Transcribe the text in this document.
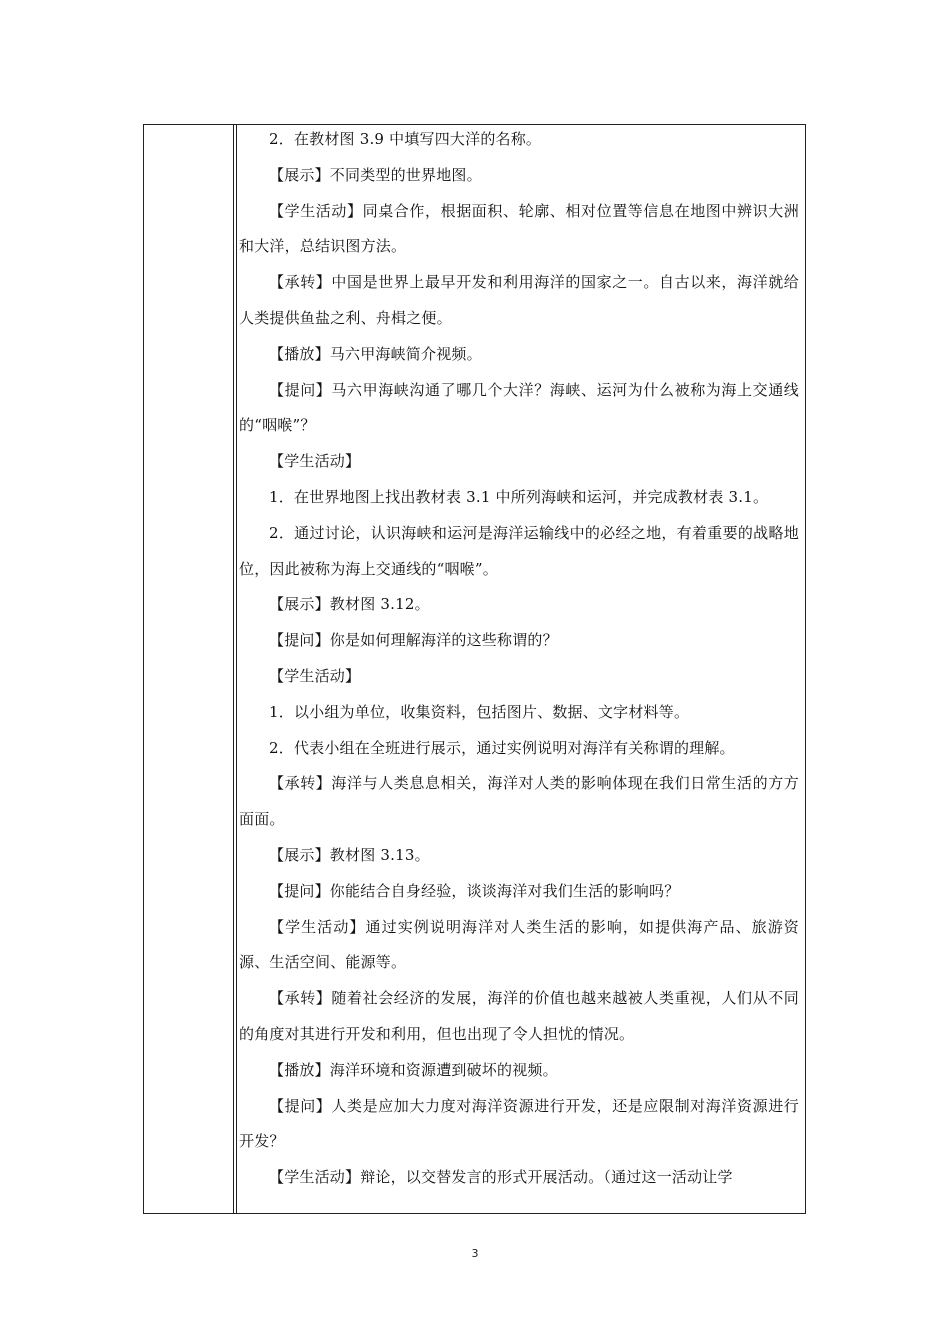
2．在教材图 3.9 中填写四大洋的名称。

【展示】不同类型的世界地图。

【学生活动】同桌合作，根据面积、轮廓、相对位置等信息在地图中辨识大洲和大洋，总结识图方法。

【承转】中国是世界上最早开发和利用海洋的国家之一。自古以来，海洋就给人类提供鱼盐之利、舟楫之便。

【播放】马六甲海峡简介视频。

【提问】马六甲海峡沟通了哪几个大洋？海峡、运河为什么被称为海上交通线的“咽喉”？

【学生活动】

1．在世界地图上找出教材表 3.1 中所列海峡和运河，并完成教材表 3.1。

2．通过讨论，认识海峡和运河是海洋运输线中的必经之地，有着重要的战略地位，因此被称为海上交通线的“咽喉”。

【展示】教材图 3.12。

【提问】你是如何理解海洋的这些称谓的？

【学生活动】

1．以小组为单位，收集资料，包括图片、数据、文字材料等。

2．代表小组在全班进行展示，通过实例说明对海洋有关称谓的理解。

【承转】海洋与人类息息相关，海洋对人类的影响体现在我们日常生活的方方面面。

【展示】教材图 3.13。

【提问】你能结合自身经验，谈谈海洋对我们生活的影响吗？

【学生活动】通过实例说明海洋对人类生活的影响，如提供海产品、旅游资源、生活空间、能源等。

【承转】随着社会经济的发展，海洋的价值也越来越被人类重视，人们从不同的角度对其进行开发和利用，但也出现了令人担忧的情况。

【播放】海洋环境和资源遭到破坏的视频。

【提问】人类是应加大力度对海洋资源进行开发，还是应限制对海洋资源进行开发？

【学生活动】辩论，以交替发言的形式开展活动。（通过这一活动让学

3
